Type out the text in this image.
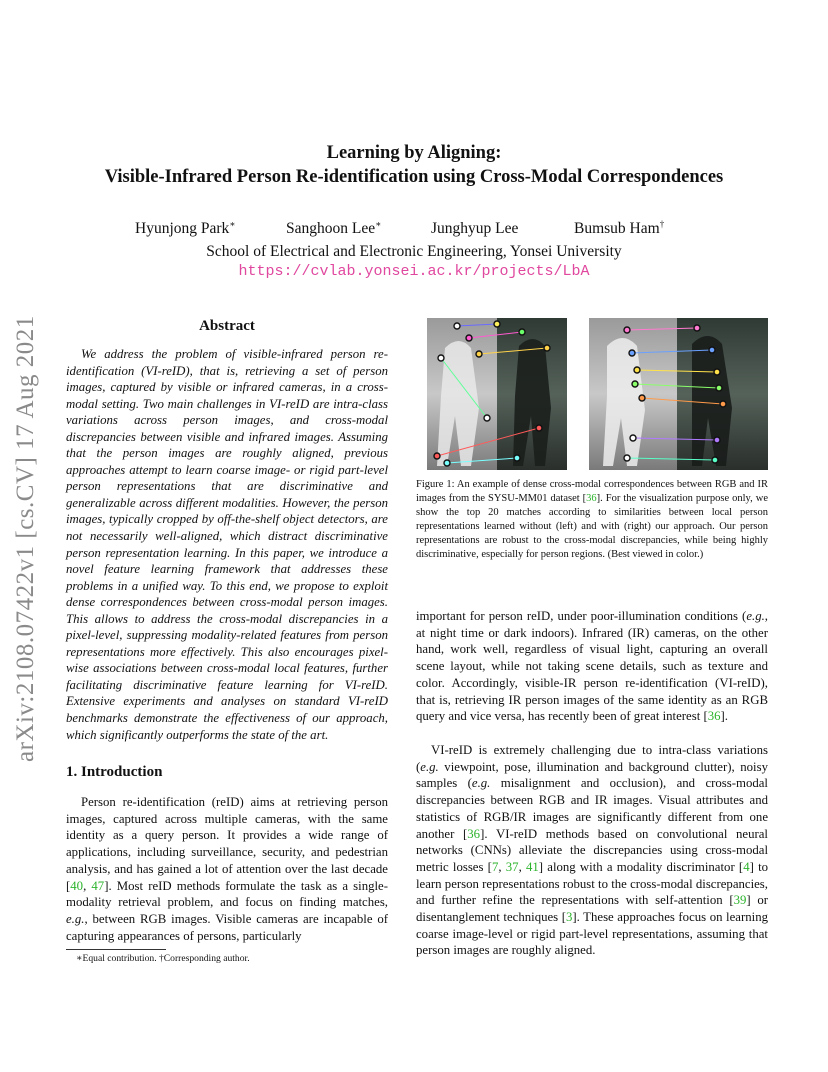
Learning by Aligning:
Visible-Infrared Person Re-identification using Cross-Modal Correspondences
Hyunjong Park∗	Sanghoon Lee∗	Junghyup Lee	Bumsub Ham†
School of Electrical and Electronic Engineering, Yonsei University
https://cvlab.yonsei.ac.kr/projects/LbA
arXiv:2108.07422v1 [cs.CV] 17 Aug 2021	Abstract
We address the problem of visible-infrared person re-identification (VI-reID), that is, retrieving a set of person images, captured by visible or infrared cameras, in a cross-modal setting. Two main challenges in VI-reID are intra-class variations across person images, and cross-modal discrepancies between visible and infrared images. Assuming that the person images are roughly aligned, previous approaches attempt to learn coarse image- or rigid part-level person representations that are discriminative and generalizable across different modalities. However, the person images, typically cropped by off-the-shelf object detectors, are not necessarily well-aligned, which distract discriminative person representation learning. In this paper, we introduce a novel feature learning framework that addresses these problems in a unified way. To this end, we propose to exploit dense correspondences between cross-modal person images. This allows to address the cross-modal discrepancies in a pixel-level, suppressing modality-related features from person representations more effectively. This also encourages pixel-wise associations between cross-modal local features, further facilitating discriminative feature learning for VI-reID. Extensive experiments and analyses on standard VI-reID benchmarks demonstrate the effectiveness of our approach, which significantly outperforms the state of the art.
1. Introduction
Person re-identification (reID) aims at retrieving person images, captured across multiple cameras, with the same identity as a query person. It provides a wide range of applications, including surveillance, security, and pedestrian analysis, and has gained a lot of attention over the last decade [40, 47]. Most reID methods formulate the task as a single-modality retrieval problem, and focus on finding matches, e.g., between RGB images. Visible cameras are incapable of capturing appearances of persons, particularly
∗Equal contribution. †Corresponding author.
Figure 1: An example of dense cross-modal correspondences between RGB and IR images from the SYSU-MM01 dataset [36]. For the visualization purpose only, we show the top 20 matches according to similarities between local person representations learned without (left) and with (right) our approach. Our person representations are robust to the cross-modal discrepancies, while being highly discriminative, especially for person regions. (Best viewed in color.)
important for person reID, under poor-illumination conditions (e.g., at night time or dark indoors). Infrared (IR) cameras, on the other hand, work well, regardless of visual light, capturing an overall scene layout, while not taking scene details, such as texture and color. Accordingly, visible-IR person re-identification (VI-reID), that is, retrieving IR person images of the same identity as an RGB query and vice versa, has recently been of great interest [36].
VI-reID is extremely challenging due to intra-class variations (e.g. viewpoint, pose, illumination and background clutter), noisy samples (e.g. misalignment and occlusion), and cross-modal discrepancies between RGB and IR images. Visual attributes and statistics of RGB/IR images are significantly different from one another [36]. VI-reID methods based on convolutional neural networks (CNNs) alleviate the discrepancies using cross-modal metric losses [7, 37, 41] along with a modality discriminator [4] to learn person representations robust to the cross-modal discrepancies, and further refine the representations with self-attention [39] or disentanglement techniques [3]. These approaches focus on learning coarse image-level or rigid part-level representations, assuming that person images are roughly aligned.
